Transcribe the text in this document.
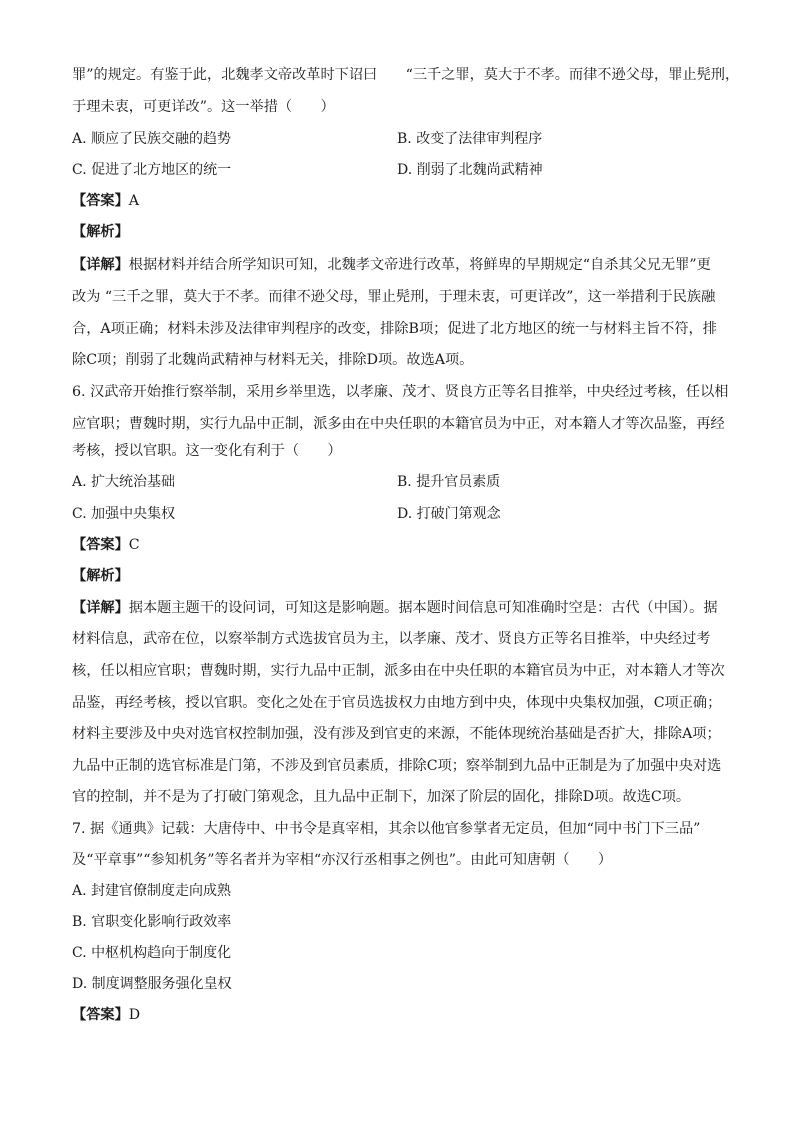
罪”的规定。有鉴于此，北魏孝文帝改革时下诏曰　　“三千之罪，莫大于不孝。而律不逊父母，罪止髡刑，
于理未衷，可更详改”。这一举措（　　）
A. 顺应了民族交融的趋势	B. 改变了法律审判程序
C. 促进了北方地区的统一	D. 削弱了北魏尚武精神
【答案】A
【解析】
【详解】根据材料并结合所学知识可知，北魏孝文帝进行改革，将鲜卑的早期规定“自杀其父兄无罪”更
改为 “三千之罪，莫大于不孝。而律不逊父母，罪止髡刑，于理未衷，可更详改”，这一举措利于民族融
合，A项正确；材料未涉及法律审判程序的改变，排除B项；促进了北方地区的统一与材料主旨不符，排
除C项；削弱了北魏尚武精神与材料无关，排除D项。故选A项。
6. 汉武帝开始推行察举制，采用乡举里选，以孝廉、茂才、贤良方正等名目推举，中央经过考核，任以相
应官职；曹魏时期，实行九品中正制，派多由在中央任职的本籍官员为中正，对本籍人才等次品鉴，再经
考核，授以官职。这一变化有利于（　　）
A. 扩大统治基础	B. 提升官员素质
C. 加强中央集权	D. 打破门第观念
【答案】C
【解析】
【详解】据本题主题干的设问词，可知这是影响题。据本题时间信息可知准确时空是：古代（中国）。据
材料信息，武帝在位，以察举制方式选拔官员为主，以孝廉、茂才、贤良方正等名目推举，中央经过考
核，任以相应官职；曹魏时期，实行九品中正制，派多由在中央任职的本籍官员为中正，对本籍人才等次
品鉴，再经考核，授以官职。变化之处在于官员选拔权力由地方到中央，体现中央集权加强，C项正确；
材料主要涉及中央对选官权控制加强，没有涉及到官吏的来源，不能体现统治基础是否扩大，排除A项；
九品中正制的选官标准是门第，不涉及到官员素质，排除C项；察举制到九品中正制是为了加强中央对选
官的控制，并不是为了打破门第观念，且九品中正制下，加深了阶层的固化，排除D项。故选C项。
7. 据《通典》记载：大唐侍中、中书令是真宰相，其余以他官参掌者无定员，但加“同中书门下三品”
及“平章事”“参知机务”等名者并为宰相“亦汉行丞相事之例也”。由此可知唐朝（　　）
A. 封建官僚制度走向成熟
B. 官职变化影响行政效率
C. 中枢机构趋向于制度化
D. 制度调整服务强化皇权
【答案】D
